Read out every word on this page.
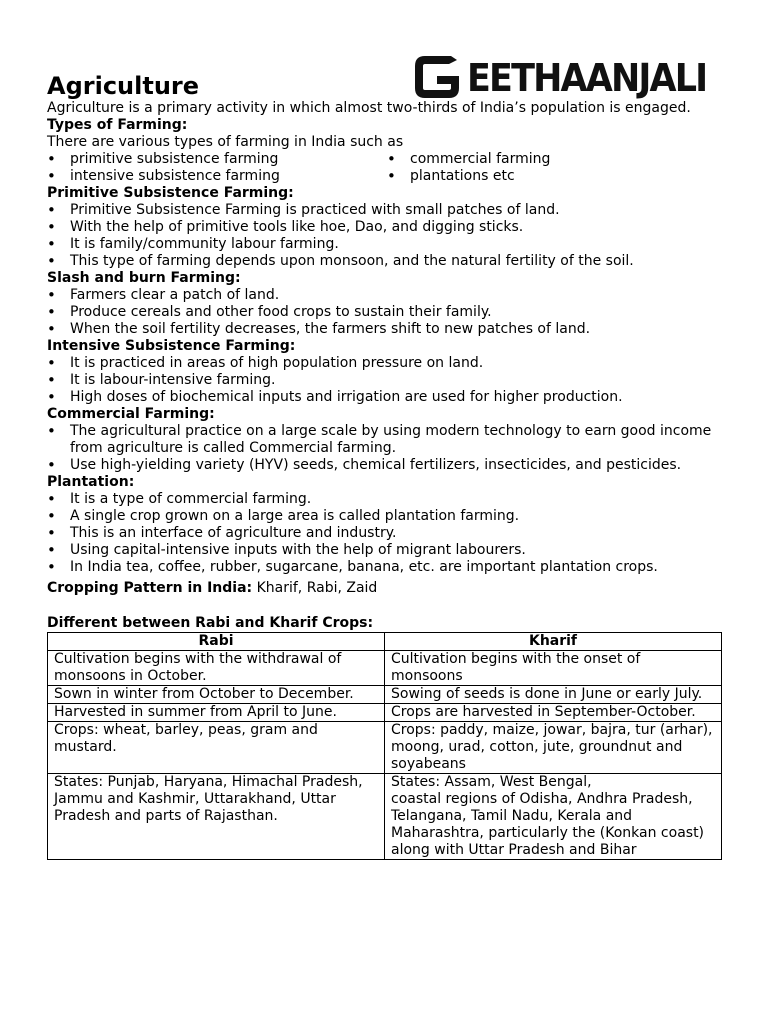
EETHAANJALI
Agriculture

Agriculture is a primary activity in which almost two-thirds of India’s population is engaged.

Types of Farming:

There are various types of farming in India such as

• primitive subsistence farming
• intensive subsistence farming
• commercial farming
• plantations etc

Primitive Subsistence Farming:

• Primitive Subsistence Farming is practiced with small patches of land.
• With the help of primitive tools like hoe, Dao, and digging sticks.
• It is family/community labour farming.
• This type of farming depends upon monsoon, and the natural fertility of the soil.

Slash and burn Farming:

• Farmers clear a patch of land.
• Produce cereals and other food crops to sustain their family.
• When the soil fertility decreases, the farmers shift to new patches of land.

Intensive Subsistence Farming:

• It is practiced in areas of high population pressure on land.
• It is labour-intensive farming.
• High doses of biochemical inputs and irrigation are used for higher production.

Commercial Farming:

• The agricultural practice on a large scale by using modern technology to earn good income from agriculture is called Commercial farming.
• Use high-yielding variety (HYV) seeds, chemical fertilizers, insecticides, and pesticides.

Plantation:

• It is a type of commercial farming.
• A single crop grown on a large area is called plantation farming.
• This is an interface of agriculture and industry.
• Using capital-intensive inputs with the help of migrant labourers.
• In India tea, coffee, rubber, sugarcane, banana, etc. are important plantation crops.

Cropping Pattern in India: Kharif, Rabi, Zaid

Different between Rabi and Kharif Crops:

Rabi	Kharif
Cultivation begins with the withdrawal of monsoons in October.	Cultivation begins with the onset of monsoons
Sown in winter from October to December.	Sowing of seeds is done in June or early July.
Harvested in summer from April to June.	Crops are harvested in September-October.
Crops: wheat, barley, peas, gram and mustard.	Crops: paddy, maize, jowar, bajra, tur (arhar),
moong, urad, cotton, jute, groundnut and soyabeans
States: Punjab, Haryana, Himachal Pradesh, Jammu and Kashmir, Uttarakhand, Uttar Pradesh and parts of Rajasthan.	States: Assam, West Bengal,
coastal regions of Odisha, Andhra Pradesh,
Telangana, Tamil Nadu, Kerala and Maharashtra, particularly the (Konkan coast)
along with Uttar Pradesh and Bihar
